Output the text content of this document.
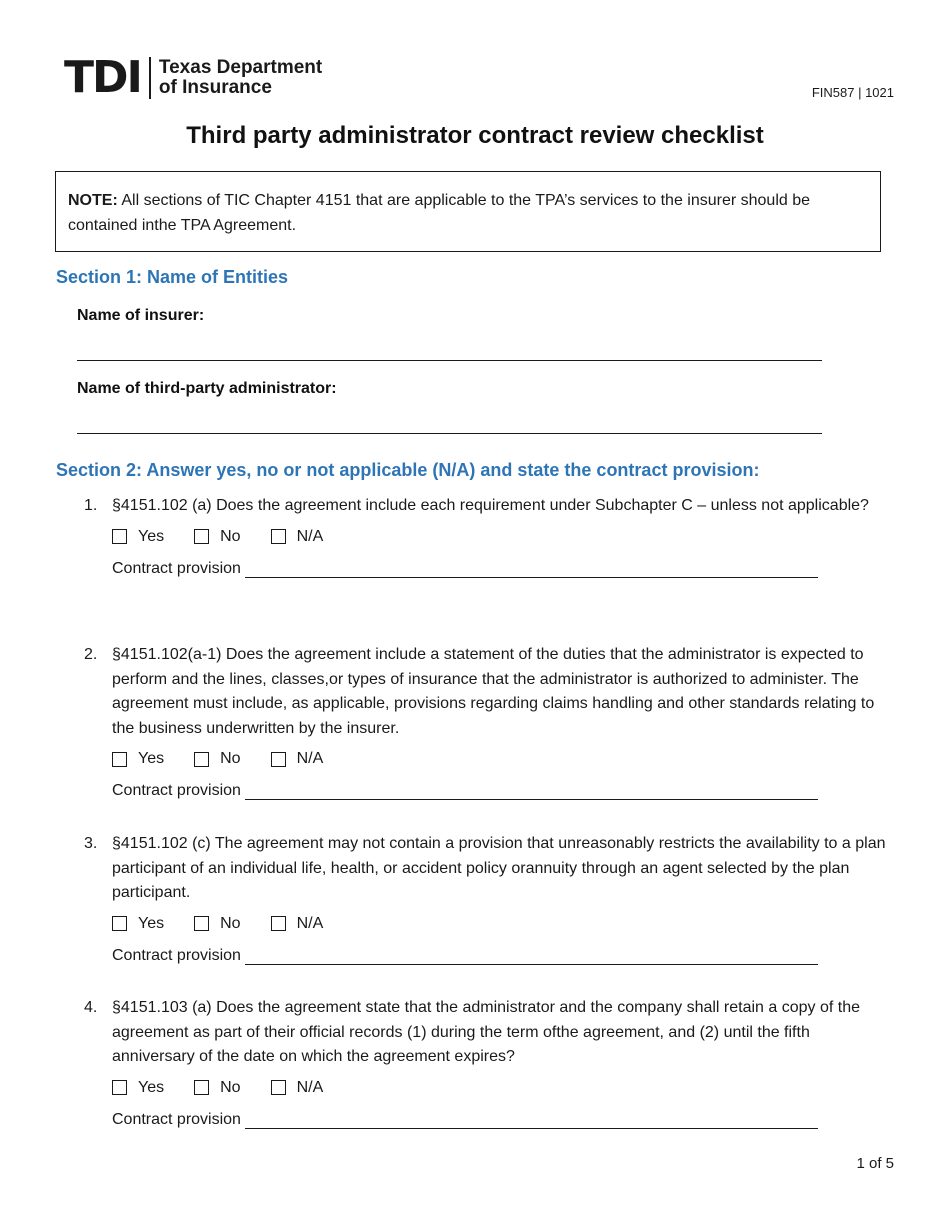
TDI Texas Department
of Insurance	FIN587 | 1021
Third party administrator contract review checklist
NOTE: All sections of TIC Chapter 4151 that are applicable to the TPA’s services to the insurer should be contained inthe TPA Agreement.
Section 1: Name of Entities
Name of insurer:
Name of third-party administrator:
Section 2: Answer yes, no or not applicable (N/A) and state the contract provision:
1. §4151.102 (a) Does the agreement include each requirement under Subchapter C – unless not applicable?
Yes	No	N/A
Contract provision
2. §4151.102(a-1) Does the agreement include a statement of the duties that the administrator is expected to perform and the lines, classes,or types of insurance that the administrator is authorized to administer. The agreement must include, as applicable, provisions regarding claims handling and other standards relating to the business underwritten by the insurer.
Yes	No	N/A
Contract provision
3. §4151.102 (c) The agreement may not contain a provision that unreasonably restricts the availability to a plan participant of an individual life, health, or accident policy orannuity through an agent selected by the plan participant.
Yes	No	N/A
Contract provision
4. §4151.103 (a) Does the agreement state that the administrator and the company shall retain a copy of the agreement as part of their official records (1) during the term ofthe agreement, and (2) until the fifth anniversary of the date on which the agreement expires?
Yes	No	N/A
Contract provision
1 of 5
